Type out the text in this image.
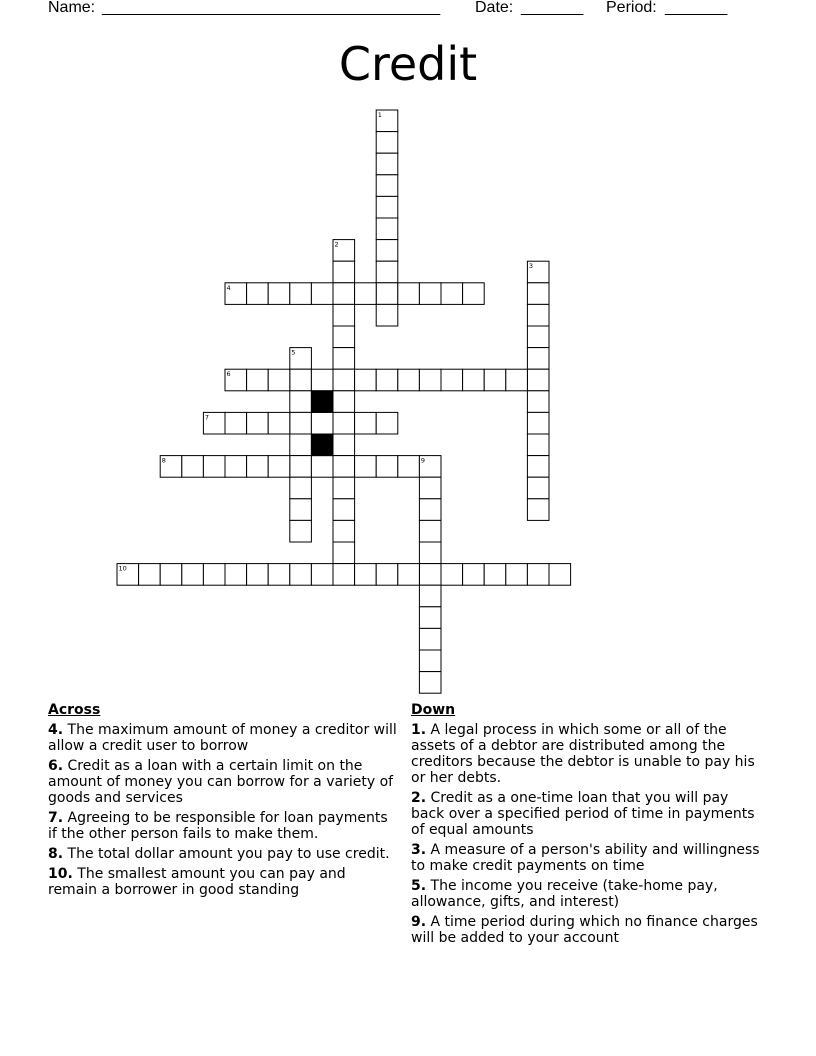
Name: ______________________________________ Date: _______ Period: _______
Credit
1
2
3
4
5
6
7
8	9
10
Across
4. The maximum amount of money a creditor will allow a credit user to borrow
6. Credit as a loan with a certain limit on the amount of money you can borrow for a variety of goods and services
7. Agreeing to be responsible for loan payments if the other person fails to make them.
8. The total dollar amount you pay to use credit.
10. The smallest amount you can pay and remain a borrower in good standing
Down
1. A legal process in which some or all of the assets of a debtor are distributed among the creditors because the debtor is unable to pay his or her debts.
2. Credit as a one-time loan that you will pay back over a specified period of time in payments of equal amounts
3. A measure of a person's ability and willingness to make credit payments on time
5. The income you receive (take-home pay, allowance, gifts, and interest)
9. A time period during which no finance charges will be added to your account
